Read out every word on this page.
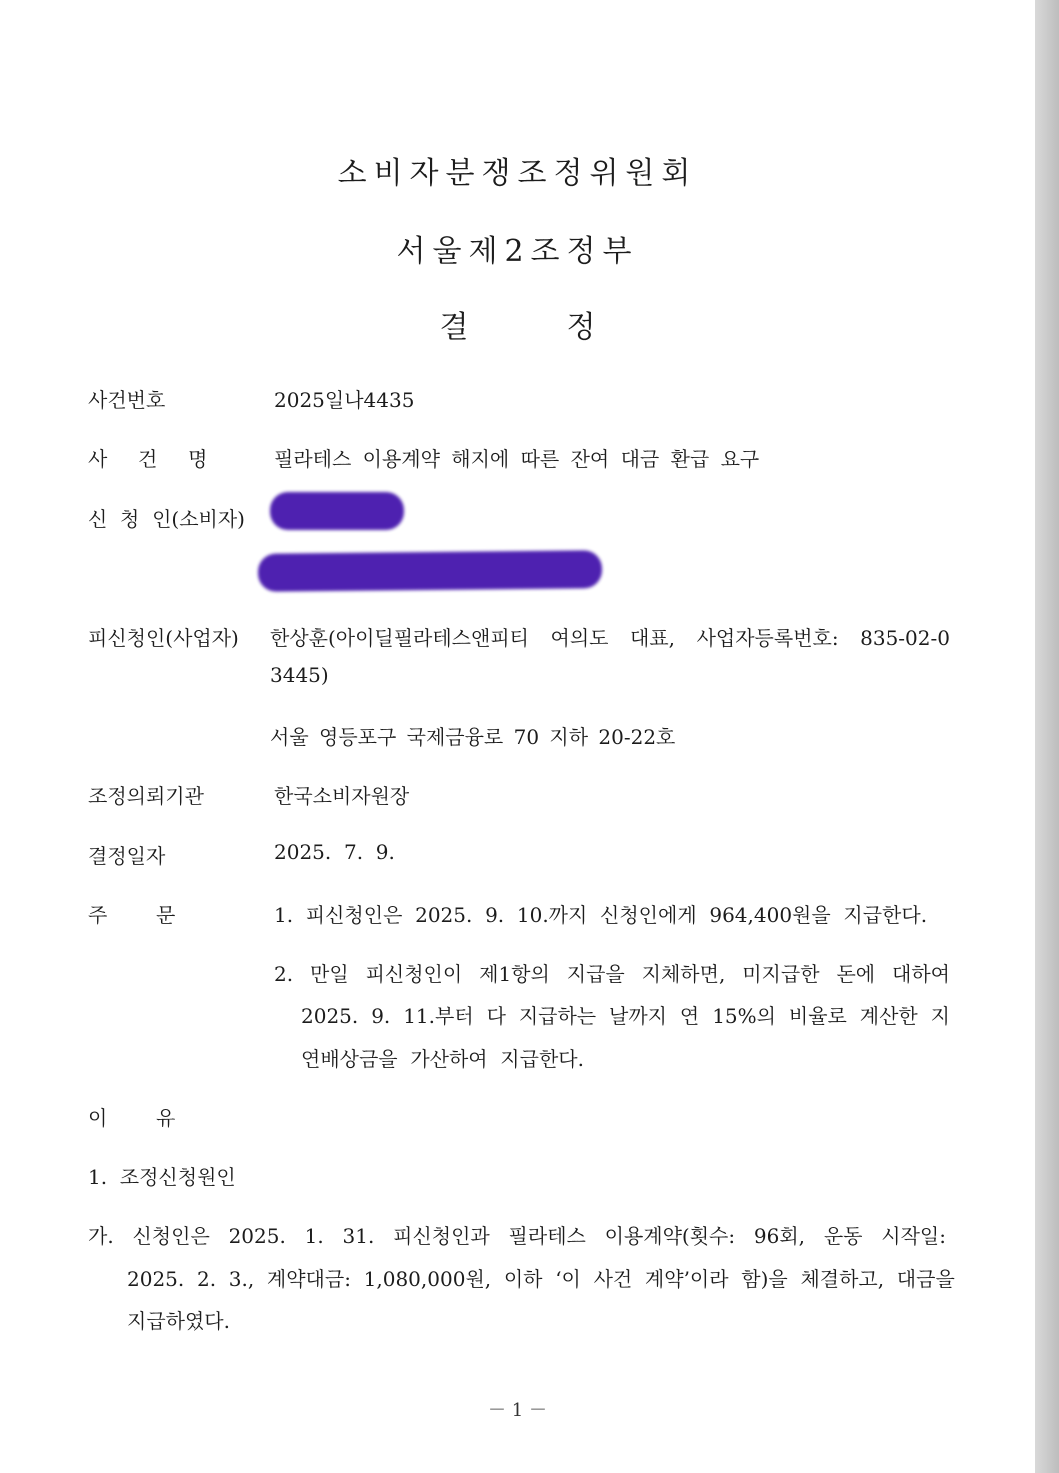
소비자분쟁조정위원회
서울제2조정부
결	정
사건번호	2025일나4435
사  건  명	필라테스 이용계약 해지에 따른 잔여 대금 환급 요구
신  청  인(소비자)
피신청인(사업자) 한상훈(아이딜필라테스앤피티 여의도 대표, 사업자등록번호: 835-02-0
3445)
서울 영등포구 국제금융로 70 지하 20-22호
조정의뢰기관	한국소비자원장
결정일자	2025.  7.  9.
주 문	1.  피신청인은  2025.  9.  10.까지  신청인에게  964,400원을  지급한다.
2.  만일  피신청인이  제1항의  지급을  지체하면,  미지급한  돈에  대하여
2025.  9.  11.부터  다  지급하는  날까지  연  15%의  비율로  계산한  지
연배상금을  가산하여  지급한다.
이 유
1.  조정신청원인
가.  신청인은  2025.  1.  31.  피신청인과  필라테스  이용계약(횟수:  96회,  운동  시작일:
2025.  2.  3.,  계약대금:  1,080,000원,  이하  ‘이  사건  계약’이라  함)을  체결하고,  대금을
지급하였다.
－ 1 －
